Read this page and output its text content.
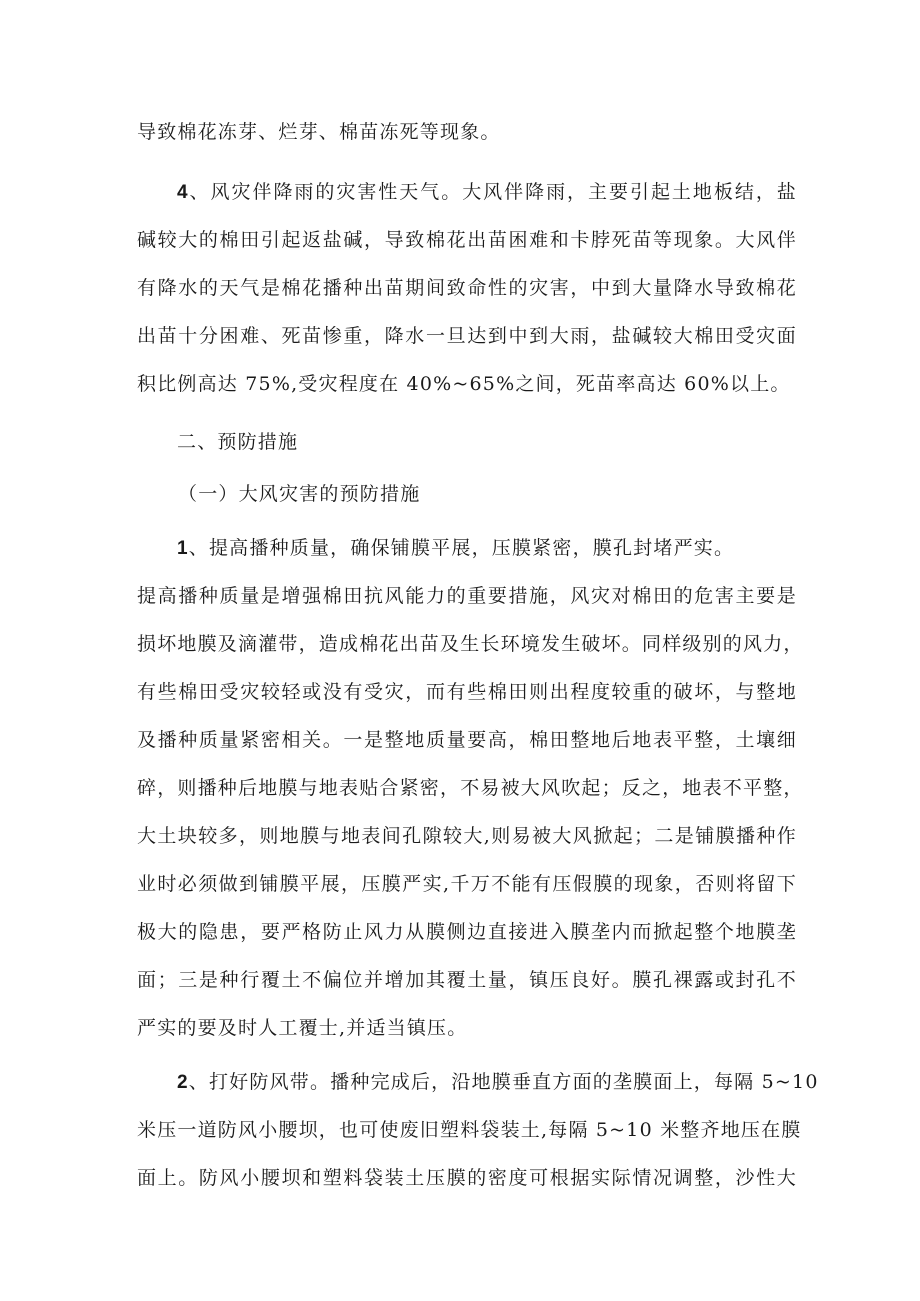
导致棉花冻芽、烂芽、棉苗冻死等现象。
4、风灾伴降雨的灾害性天气。大风伴降雨，主要引起土地板结，盐
碱较大的棉田引起返盐碱，导致棉花出苗困难和卡脖死苗等现象。大风伴
有降水的天气是棉花播种出苗期间致命性的灾害，中到大量降水导致棉花
出苗十分困难、死苗惨重，降水一旦达到中到大雨，盐碱较大棉田受灾面
积比例高达 75%,受灾程度在 40%~65%之间，死苗率高达 60%以上。
二、预防措施
（一）大风灾害的预防措施
1、提高播种质量，确保铺膜平展，压膜紧密，膜孔封堵严实。
提高播种质量是增强棉田抗风能力的重要措施，风灾对棉田的危害主要是
损坏地膜及滴灌带，造成棉花出苗及生长环境发生破坏。同样级别的风力，
有些棉田受灾较轻或没有受灾，而有些棉田则出程度较重的破坏，与整地
及播种质量紧密相关。一是整地质量要高，棉田整地后地表平整，土壤细
碎，则播种后地膜与地表贴合紧密，不易被大风吹起；反之，地表不平整，
大土块较多，则地膜与地表间孔隙较大,则易被大风掀起；二是铺膜播种作
业时必须做到铺膜平展，压膜严实,千万不能有压假膜的现象，否则将留下
极大的隐患，要严格防止风力从膜侧边直接进入膜垄内而掀起整个地膜垄
面；三是种行覆土不偏位并增加其覆土量，镇压良好。膜孔裸露或封孔不
严实的要及时人工覆士,并适当镇压。
2、打好防风带。播种完成后，沿地膜垂直方面的垄膜面上，每隔 5~10
米压一道防风小腰坝，也可使废旧塑料袋装土,每隔 5~10 米整齐地压在膜
面上。防风小腰坝和塑料袋装土压膜的密度可根据实际情况调整，沙性大
